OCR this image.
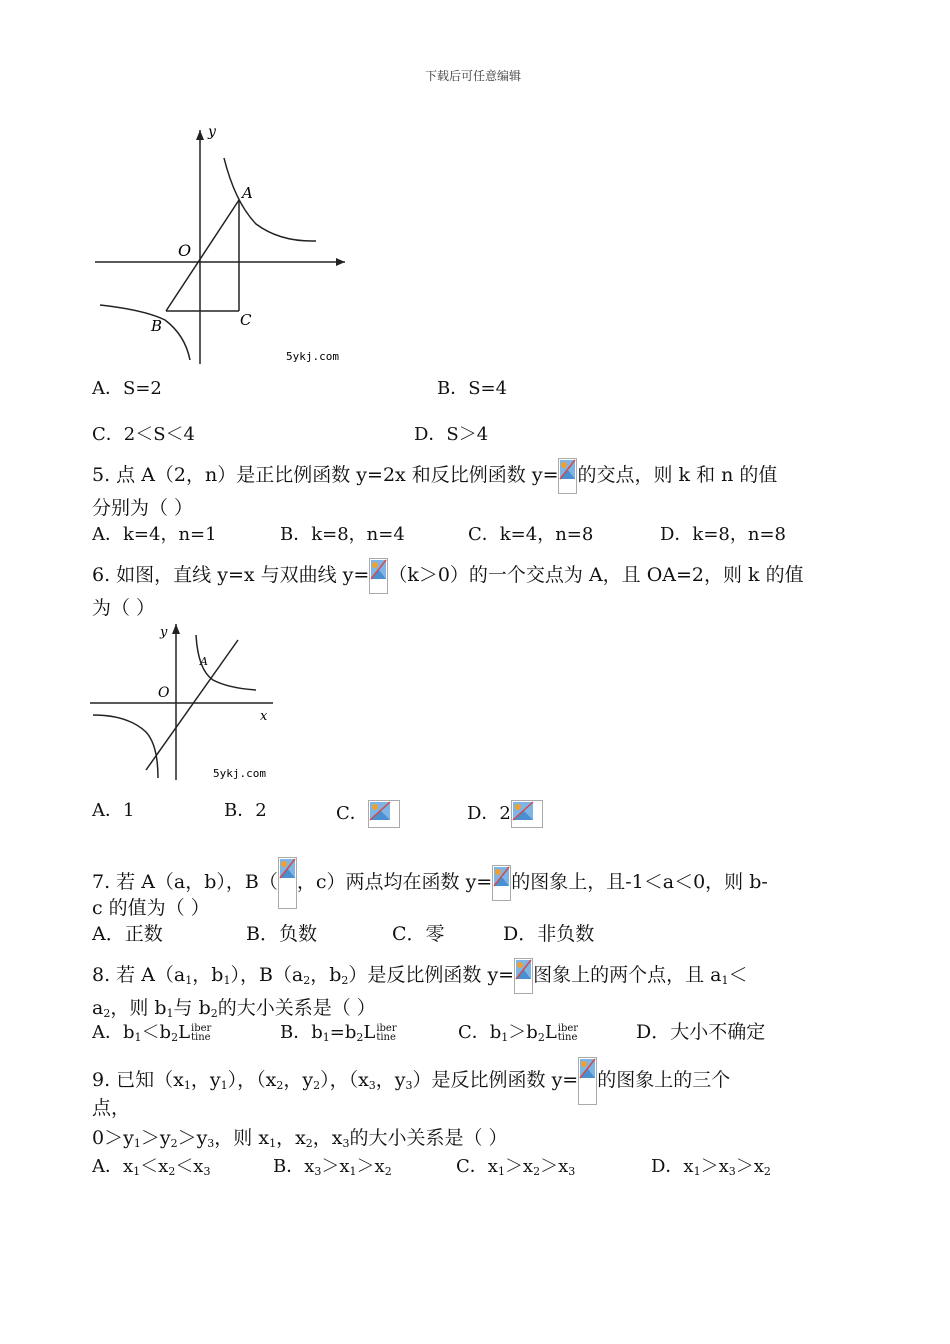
下载后可任意编辑
y
O
A
B	C
5ykj.com
A．S=2	B．S=4
C．2＜S＜4	D．S＞4
5. 点 A（2，n）是正比例函数 y=2x 和反比例函数 y= 的交点，则 k 和 n 的值
分别为（ ）
A．k=4，n=1	B．k=8，n=4	C．k=4，n=8	D．k=8，n=8
6. 如图，直线 y=x 与双曲线 y= （k＞0）的一个交点为 A，且 OA=2，则 k 的值
为（ ）
y
x
O
A
5ykj.com
A．1	B．2	C．	D．2
7. 若 A（a，b），B（ ，c）两点均在函数 y= 的图象上，且-1＜a＜0，则 b-
c 的值为（ ）
A．正数	B．负数	C．零	D．非负数
8. 若 $A(a_1$，$b_1$），$B(a_2$，$b_2$）是反比例函数 y= 图象上的两个点，且 $a_1<$
$a_2$，则 $b_1$与 $b_2$的大小关系是（ ）
A．$b_1<b_2Liber$
tine	B．$b_1=b_2Liber$
tine	C．$b_1>b_2Liber$
tine	D．大小不确定
9. 已知（$x_1$，$y_1$），（$x_2$，$y_2$），（$x_3$，$y_3$）是反比例函数 y= 的图象上的三个
点，
$0>y_1>y_2>y_3$，则 $x_1$，$x_2$，$x_3$的大小关系是（ ）
A．$x_1<x_2<x_3$	B．$x_3>x_1>x_2$	C．$x_1>x_2>x_3$	D．$x_1>x_3>x_2$
